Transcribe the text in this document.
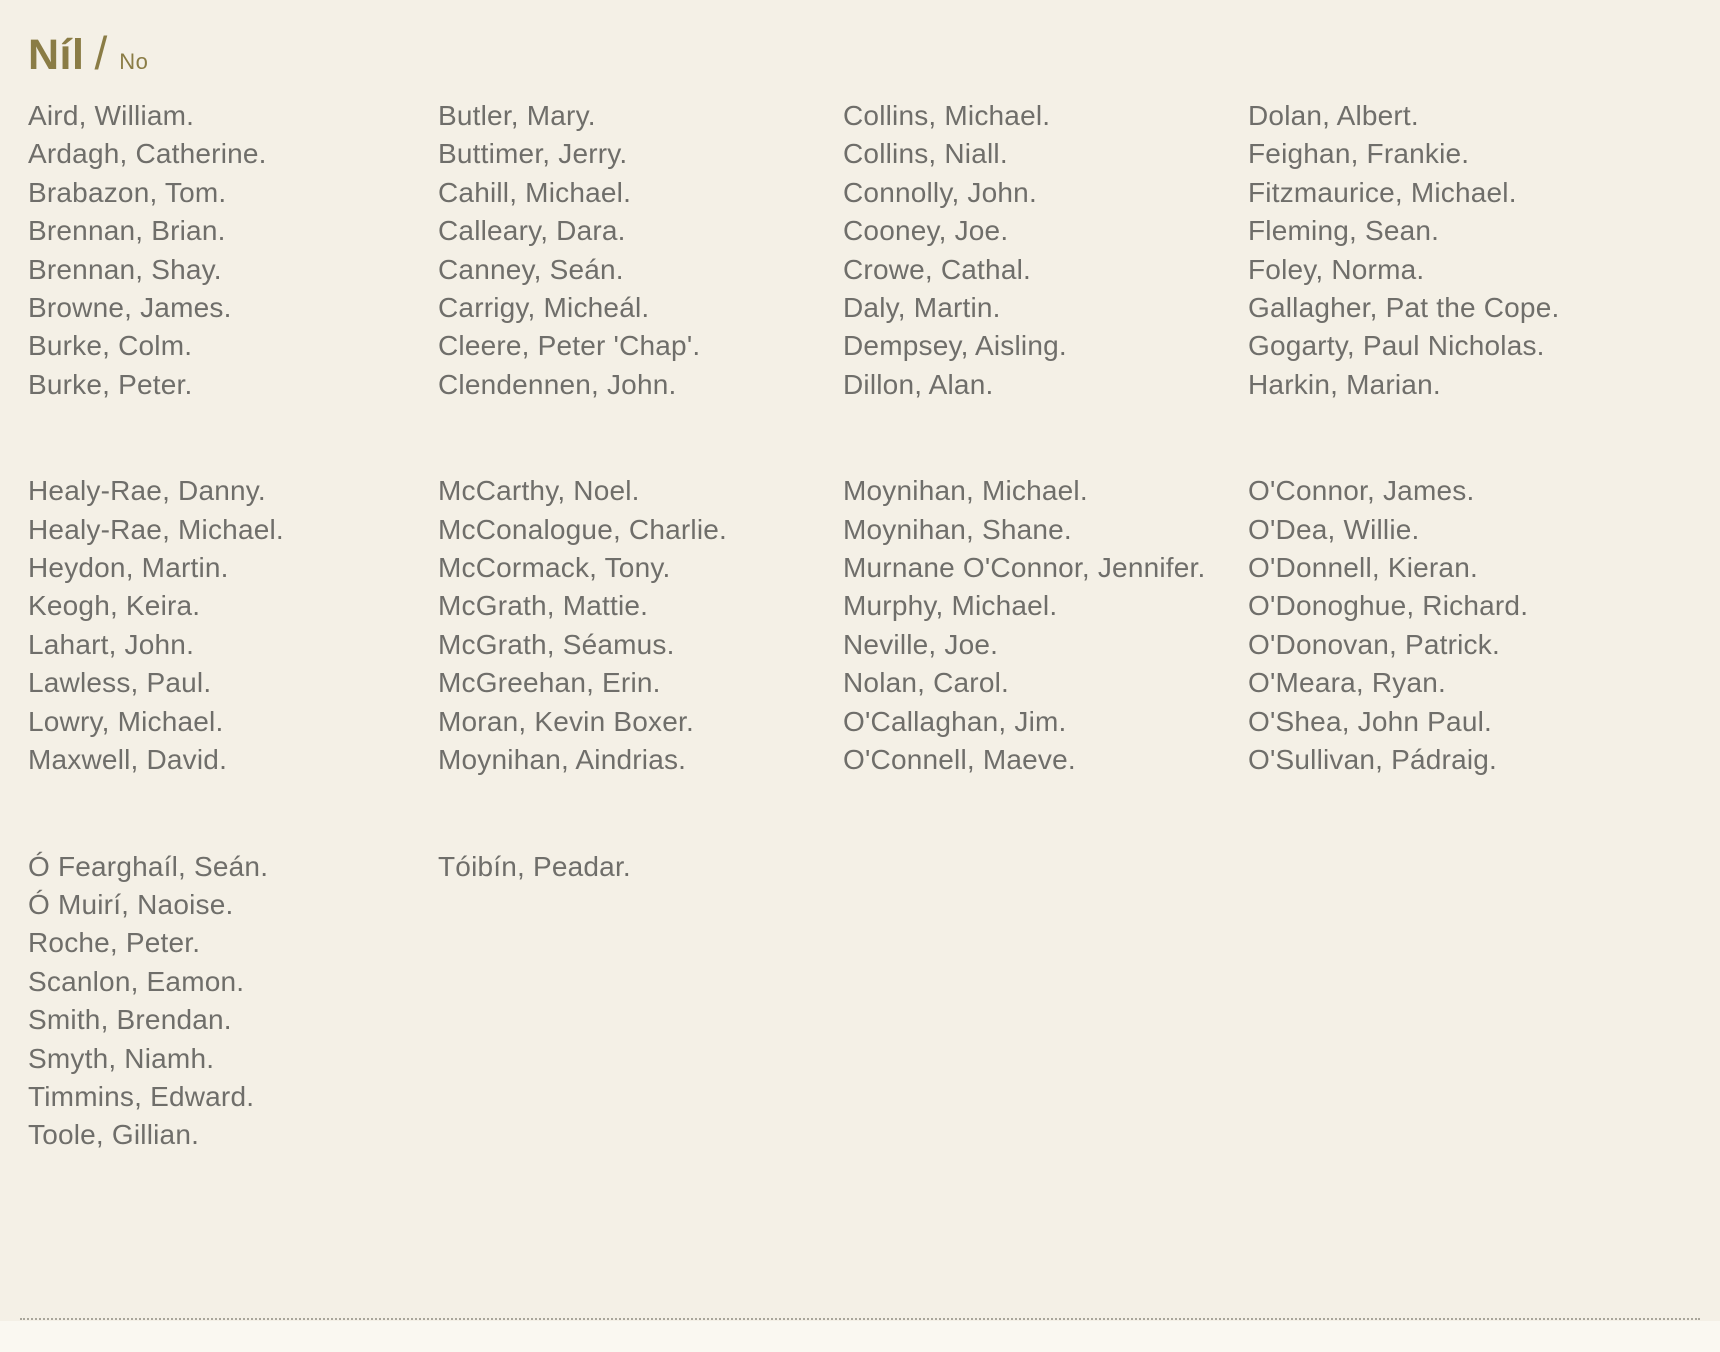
Níl / No
Aird, William.
Ardagh, Catherine.
Brabazon, Tom.
Brennan, Brian.
Brennan, Shay.
Browne, James.
Burke, Colm.
Burke, Peter.
Butler, Mary.
Buttimer, Jerry.
Cahill, Michael.
Calleary, Dara.
Canney, Seán.
Carrigy, Micheál.
Cleere, Peter 'Chap'.
Clendennen, John.
Collins, Michael.
Collins, Niall.
Connolly, John.
Cooney, Joe.
Crowe, Cathal.
Daly, Martin.
Dempsey, Aisling.
Dillon, Alan.
Dolan, Albert.
Feighan, Frankie.
Fitzmaurice, Michael.
Fleming, Sean.
Foley, Norma.
Gallagher, Pat the Cope.
Gogarty, Paul Nicholas.
Harkin, Marian.
Healy-Rae, Danny.
Healy-Rae, Michael.
Heydon, Martin.
Keogh, Keira.
Lahart, John.
Lawless, Paul.
Lowry, Michael.
Maxwell, David.
McCarthy, Noel.
McConalogue, Charlie.
McCormack, Tony.
McGrath, Mattie.
McGrath, Séamus.
McGreehan, Erin.
Moran, Kevin Boxer.
Moynihan, Aindrias.
Moynihan, Michael.
Moynihan, Shane.
Murnane O'Connor, Jennifer.
Murphy, Michael.
Neville, Joe.
Nolan, Carol.
O'Callaghan, Jim.
O'Connell, Maeve.
O'Connor, James.
O'Dea, Willie.
O'Donnell, Kieran.
O'Donoghue, Richard.
O'Donovan, Patrick.
O'Meara, Ryan.
O'Shea, John Paul.
O'Sullivan, Pádraig.
Ó Fearghaíl, Seán.
Ó Muirí, Naoise.
Roche, Peter.
Scanlon, Eamon.
Smith, Brendan.
Smyth, Niamh.
Timmins, Edward.
Toole, Gillian.
Tóibín, Peadar.
